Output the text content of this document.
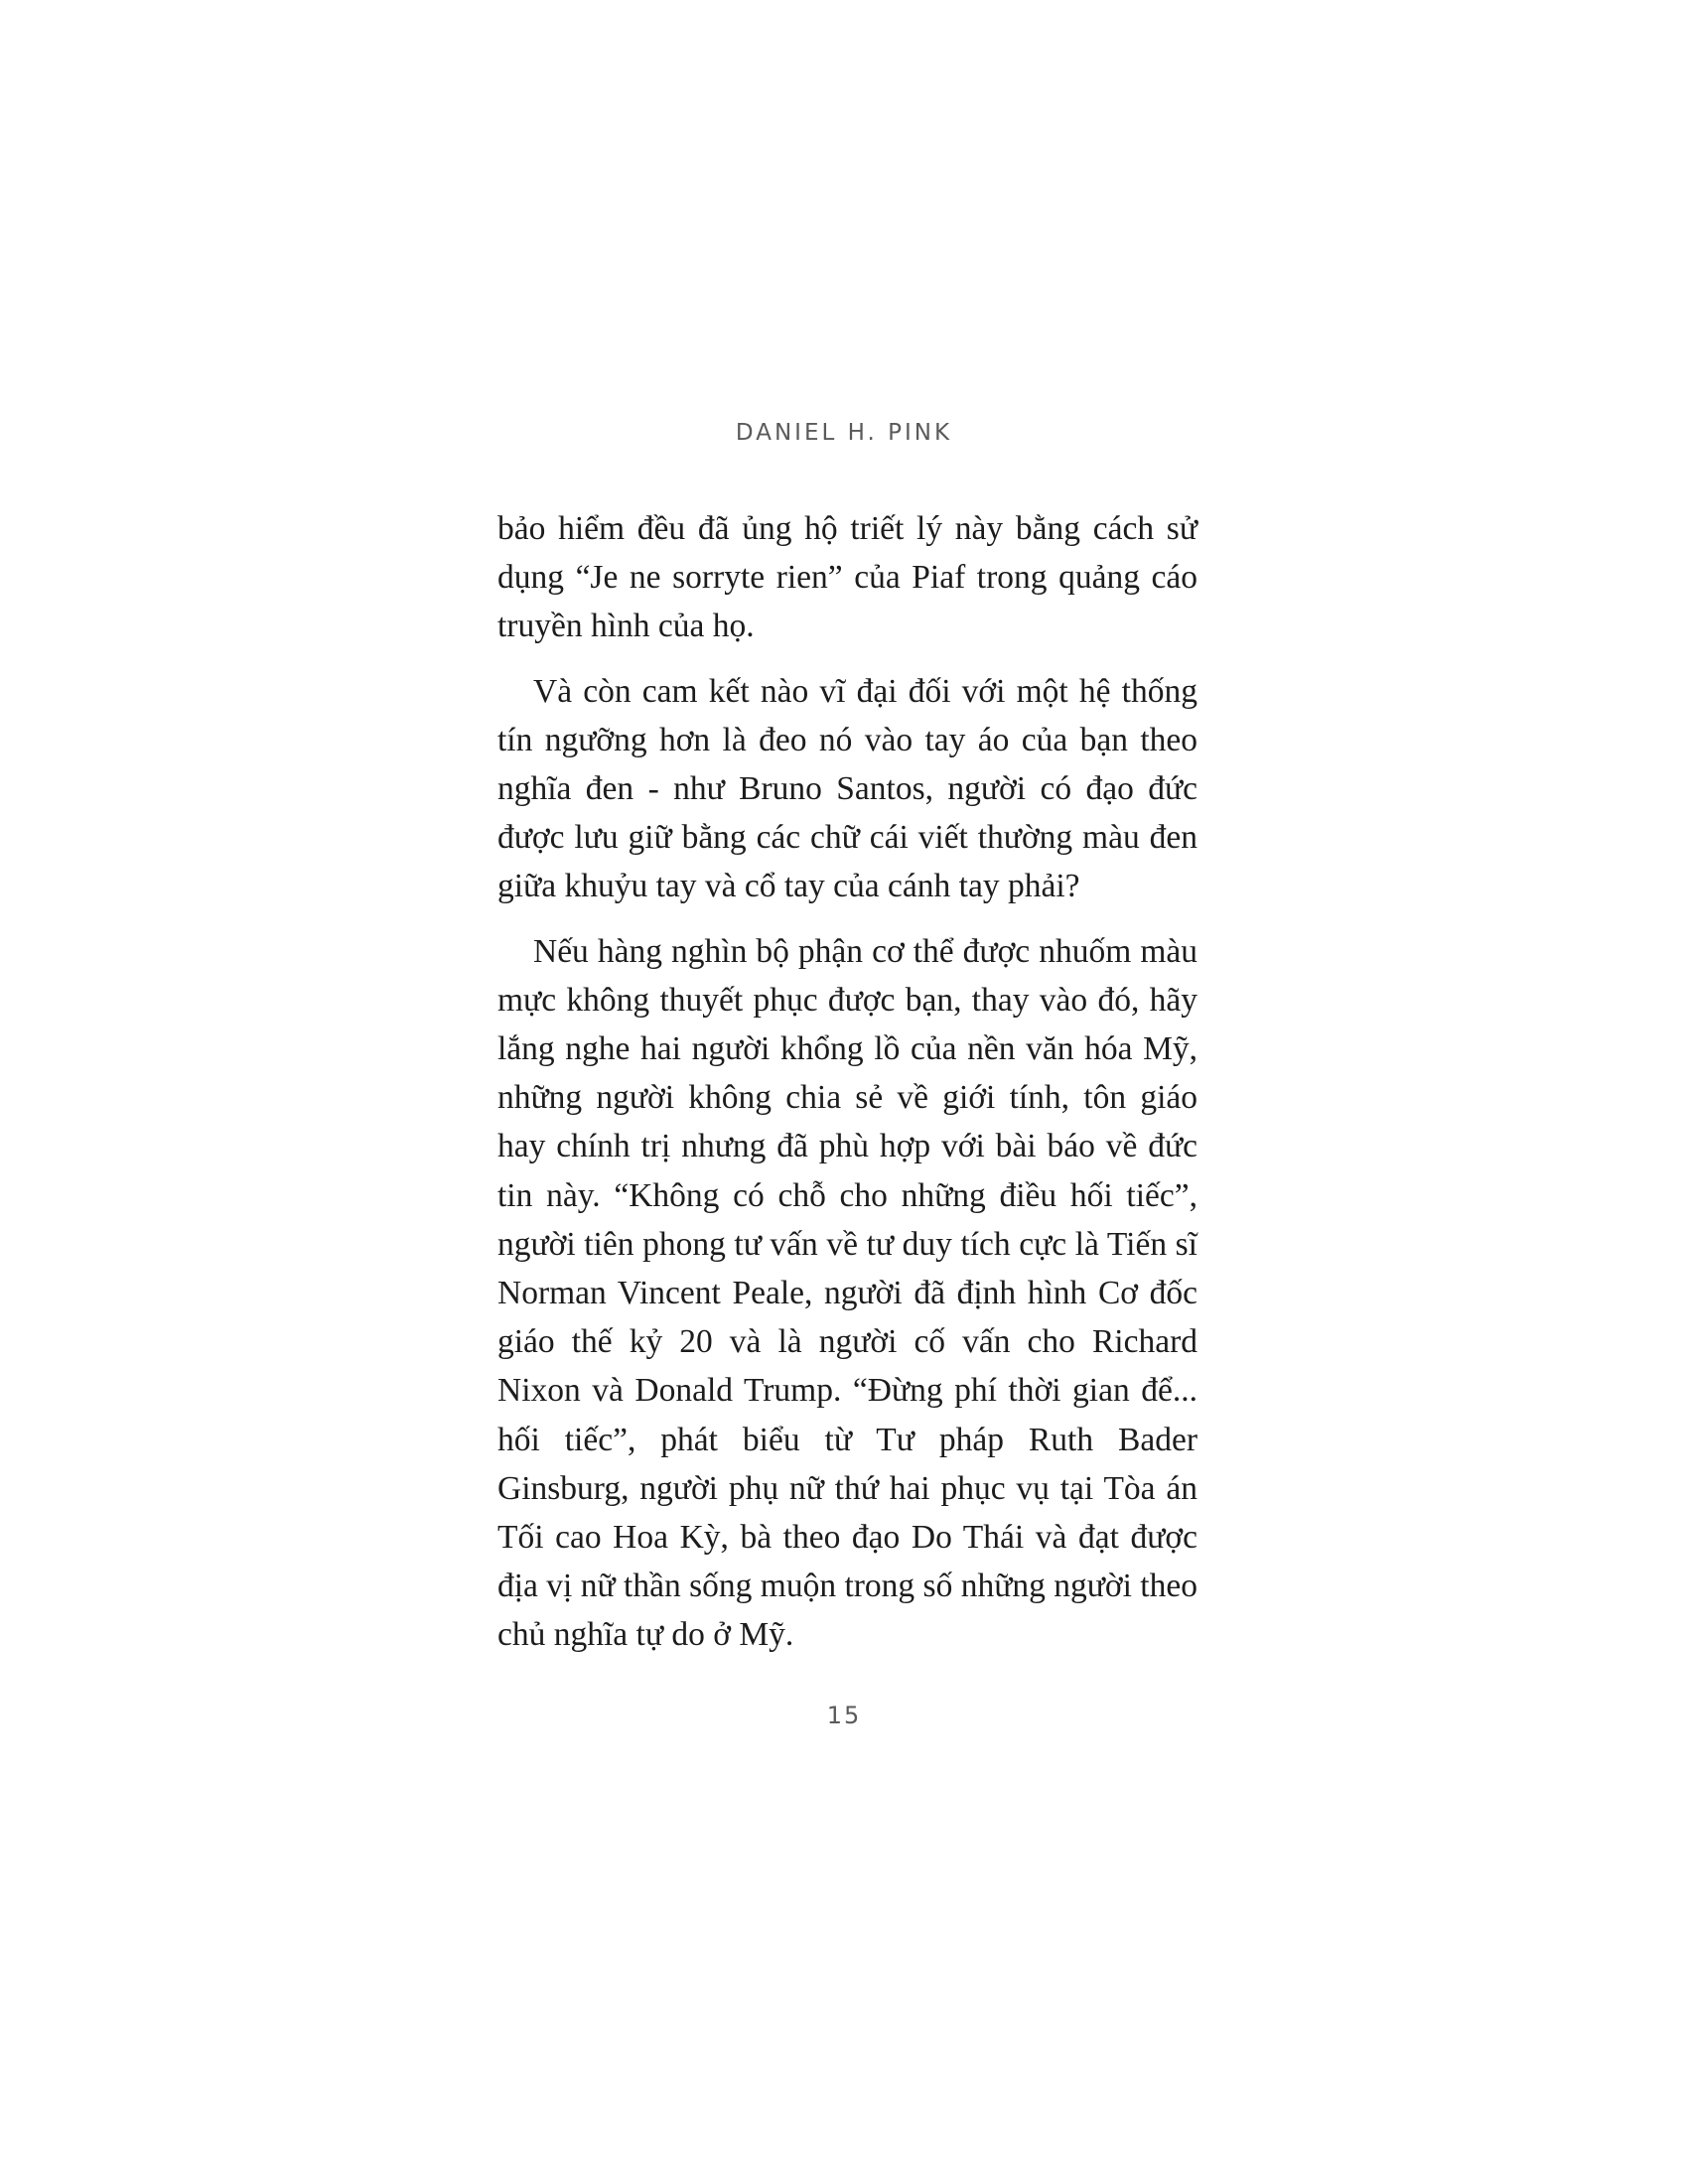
DANIEL H. PINK

bảo hiểm đều đã ủng hộ triết lý này bằng cách sử dụng “Je ne sorryte rien” của Piaf trong quảng cáo truyền hình của họ.

Và còn cam kết nào vĩ đại đối với một hệ thống tín ngưỡng hơn là đeo nó vào tay áo của bạn theo nghĩa đen - như Bruno Santos, người có đạo đức được lưu giữ bằng các chữ cái viết thường màu đen giữa khuỷu tay và cổ tay của cánh tay phải?

Nếu hàng nghìn bộ phận cơ thể được nhuốm màu mực không thuyết phục được bạn, thay vào đó, hãy lắng nghe hai người khổng lồ của nền văn hóa Mỹ, những người không chia sẻ về giới tính, tôn giáo hay chính trị nhưng đã phù hợp với bài báo về đức tin này. “Không có chỗ cho những điều hối tiếc”, người tiên phong tư vấn về tư duy tích cực là Tiến sĩ Norman Vincent Peale, người đã định hình Cơ đốc giáo thế kỷ 20 và là người cố vấn cho Richard Nixon và Donald Trump. “Đừng phí thời gian để... hối tiếc”, phát biểu từ Tư pháp Ruth Bader Ginsburg, người phụ nữ thứ hai phục vụ tại Tòa án Tối cao Hoa Kỳ, bà theo đạo Do Thái và đạt được địa vị nữ thần sống muộn trong số những người theo chủ nghĩa tự do ở Mỹ.

15
